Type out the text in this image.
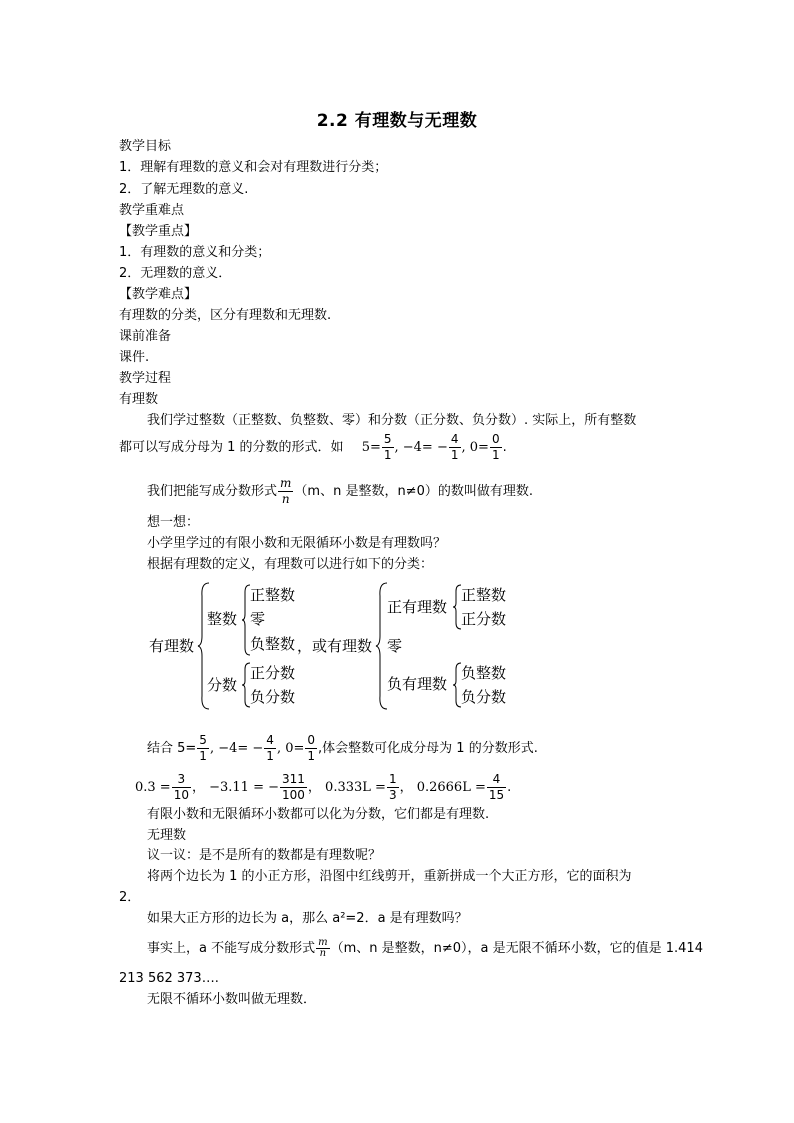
2.2 有理数与无理数
教学目标
1．理解有理数的意义和会对有理数进行分类；
2．了解无理数的意义.
教学重难点
【教学重点】
1．有理数的意义和分类；
2．无理数的意义．
【教学难点】
有理数的分类，区分有理数和无理数.
课前准备
课件.
教学过程
有理数
我们学过整数（正整数、负整数、零）和分数（正分数、负分数）. 实际上，所有整数
都可以写成分母为 1 的分数的形式．如 $5= \frac{5}{1}$ , $-4= - \frac{4}{1}$ , $0= \frac{0}{1}$ .
我们把能写成分数形式 $\frac{m}{n} (m$、n 是整数，n≠0）的数叫做有理数.
想一想：
小学里学过的有限小数和无限循环小数是有理数吗？
根据有理数的定义，有理数可以进行如下的分类：
有理数
整数
正整数
零
负整数 ，或有理数
分数
正分数
负分数
正有理数
正整数
正分数
零
负有理数
负整数
负分数
结合 $5= \frac{5}{1}$ , $-4= - \frac{4}{1}$ , $0= \frac{0}{1}$ ,体会整数可化成分母为 1 的分数形式.
$0.3 = \frac{3}{10}$ ， −3.11 = − $\frac{311}{100}$ ， $0.333L = \frac{1}{3}$ ， $0.2666L = \frac{4}{15}$ .
有限小数和无限循环小数都可以化为分数，它们都是有理数.
无理数
议一议：是不是所有的数都是有理数呢？
将两个边长为 1 的小正方形，沿图中红线剪开，重新拼成一个大正方形，它的面积为
2．
如果大正方形的边长为 a，那么 a²=2．a 是有理数吗？
事实上，a 不能写成分数形式 $\frac{m}{n} (m$、n 是整数，n≠0），a 是无限不循环小数，它的值是 1.414
213 562 373….
无限不循环小数叫做无理数．
